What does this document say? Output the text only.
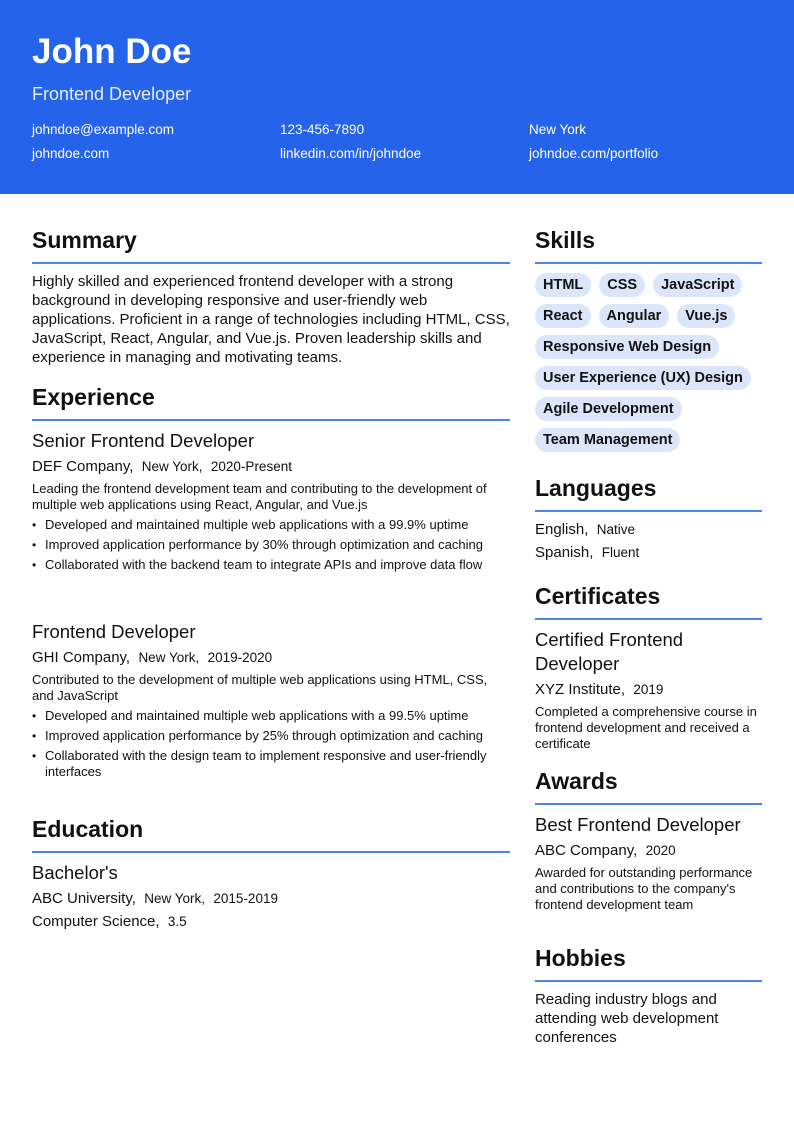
John Doe
Frontend Developer
johndoe@example.com	123-456-7890	New York
johndoe.com	linkedin.com/in/johndoe	johndoe.com/portfolio
Summary
Highly skilled and experienced frontend developer with a strong background in developing responsive and user-friendly web applications. Proficient in a range of technologies including HTML, CSS, JavaScript, React, Angular, and Vue.js. Proven leadership skills and experience in managing and motivating teams.
Experience
Senior Frontend Developer
DEF Company, New York, 2020-Present
Leading the frontend development team and contributing to the development of multiple web applications using React, Angular, and Vue.js
• Developed and maintained multiple web applications with a 99.9% uptime
• Improved application performance by 30% through optimization and caching
• Collaborated with the backend team to integrate APIs and improve data flow
Frontend Developer
GHI Company, New York, 2019-2020
Contributed to the development of multiple web applications using HTML, CSS, and JavaScript
• Developed and maintained multiple web applications with a 99.5% uptime
• Improved application performance by 25% through optimization and caching
• Collaborated with the design team to implement responsive and user-friendly interfaces
Education
Bachelor's
ABC University, New York, 2015-2019
Computer Science, 3.5
Skills
HTML	CSS	JavaScript
React	Angular	Vue.js
Responsive Web Design
User Experience (UX) Design
Agile Development
Team Management
Languages
English, Native
Spanish, Fluent
Certificates
Certified Frontend Developer
XYZ Institute, 2019
Completed a comprehensive course in frontend development and received a certificate
Awards
Best Frontend Developer
ABC Company, 2020
Awarded for outstanding performance and contributions to the company's frontend development team
Hobbies
Reading industry blogs and attending web development conferences
